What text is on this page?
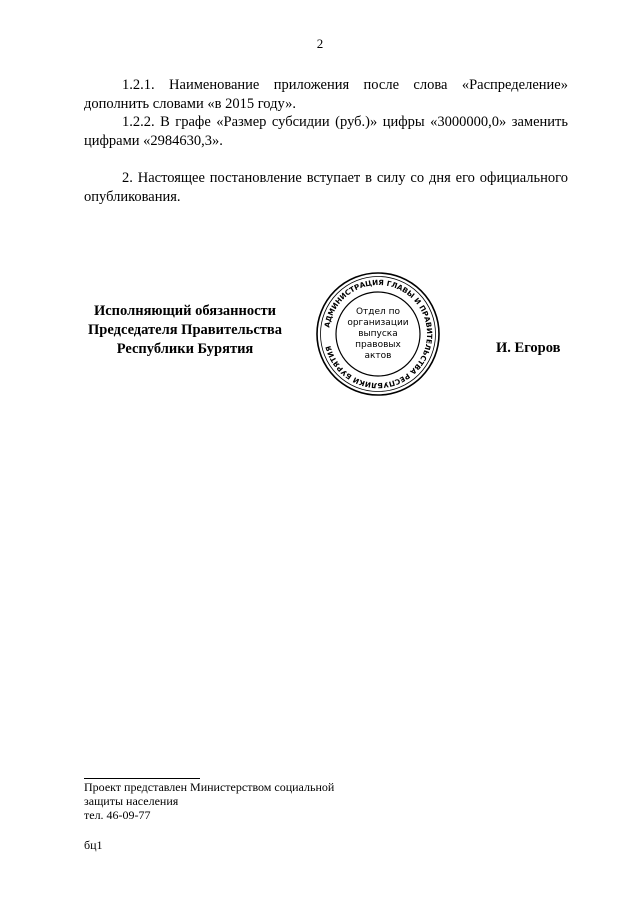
2

1.2.1. Наименование приложения после слова «Распределение» дополнить словами «в 2015 году».

1.2.2. В графе «Размер субсидии (руб.)» цифры «3000000,0» заменить цифрами «2984630,3».

2. Настоящее постановление вступает в силу со дня его официального опубликования.

Исполняющий обязанности
Председателя Правительства
Республики Бурятия
АДМИНИСТРАЦИЯ ГЛАВЫ И ПРАВИТЕЛЬСТВА РЕСПУБЛИКИ БУРЯТИЯ
Отдел по
организации
выпуска
правовых
актов	И. Егоров
Проект представлен Министерством социальной
защиты населения
тел. 46-09-77
бц1
